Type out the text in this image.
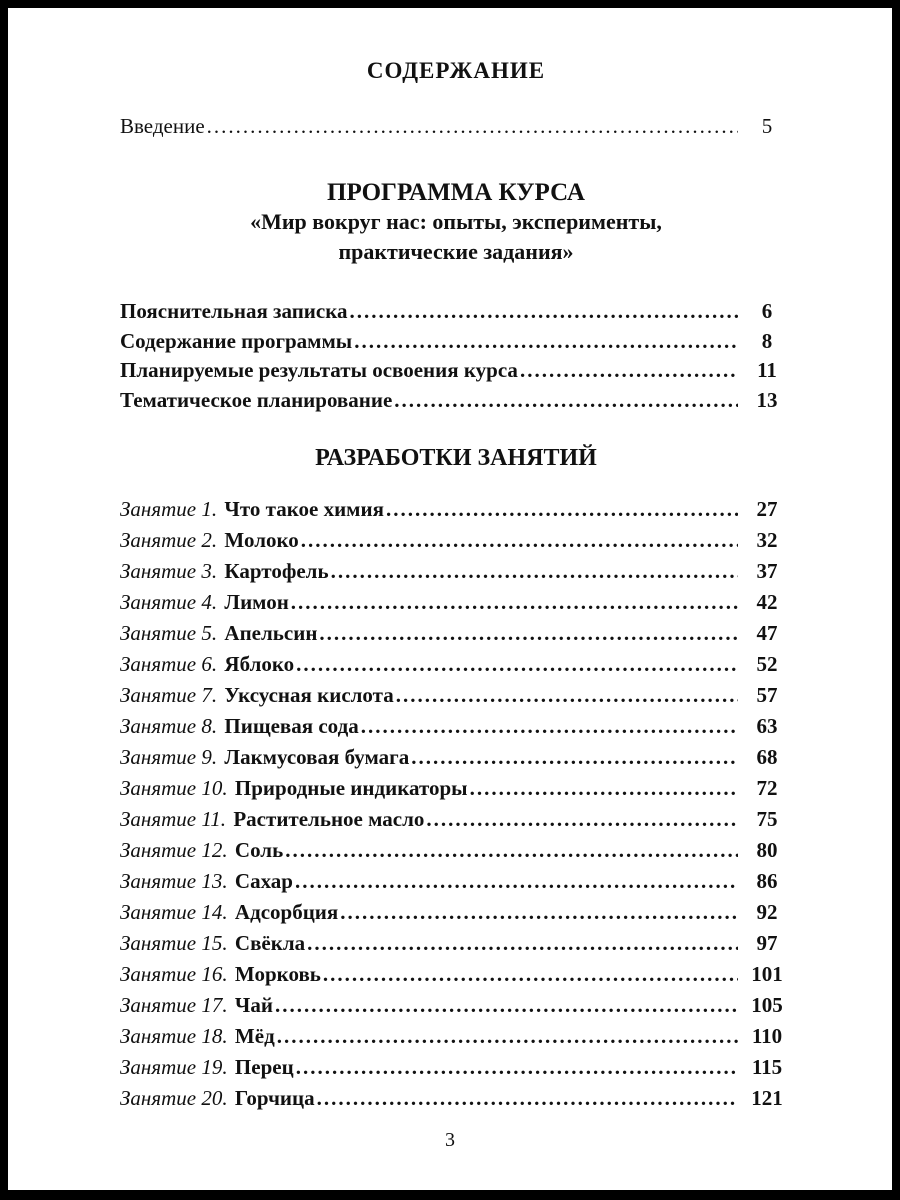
СОДЕРЖАНИЕ
Введение .....	5
ПРОГРАММА КУРСА
«Мир вокруг нас: опыты, эксперименты,
практические задания»
Пояснительная записка .....	6
Содержание программы .....	8
Планируемые результаты освоения курса .....	11
Тематическое планирование .....	13
РАЗРАБОТКИ ЗАНЯТИЙ
Занятие 1. Что такое химия .....	27
Занятие 2. Молоко .....	32
Занятие 3. Картофель .....	37
Занятие 4. Лимон .....	42
Занятие 5. Апельсин .....	47
Занятие 6. Яблоко .....	52
Занятие 7. Уксусная кислота .....	57
Занятие 8. Пищевая сода .....	63
Занятие 9. Лакмусовая бумага .....	68
Занятие 10. Природные индикаторы .....	72
Занятие 11. Растительное масло .....	75
Занятие 12. Соль .....	80
Занятие 13. Сахар .....	86
Занятие 14. Адсорбция .....	92
Занятие 15. Свёкла .....	97
Занятие 16. Морковь .....	101
Занятие 17. Чай .....	105
Занятие 18. Мёд .....	110
Занятие 19. Перец .....	115
Занятие 20. Горчица .....	121
3
